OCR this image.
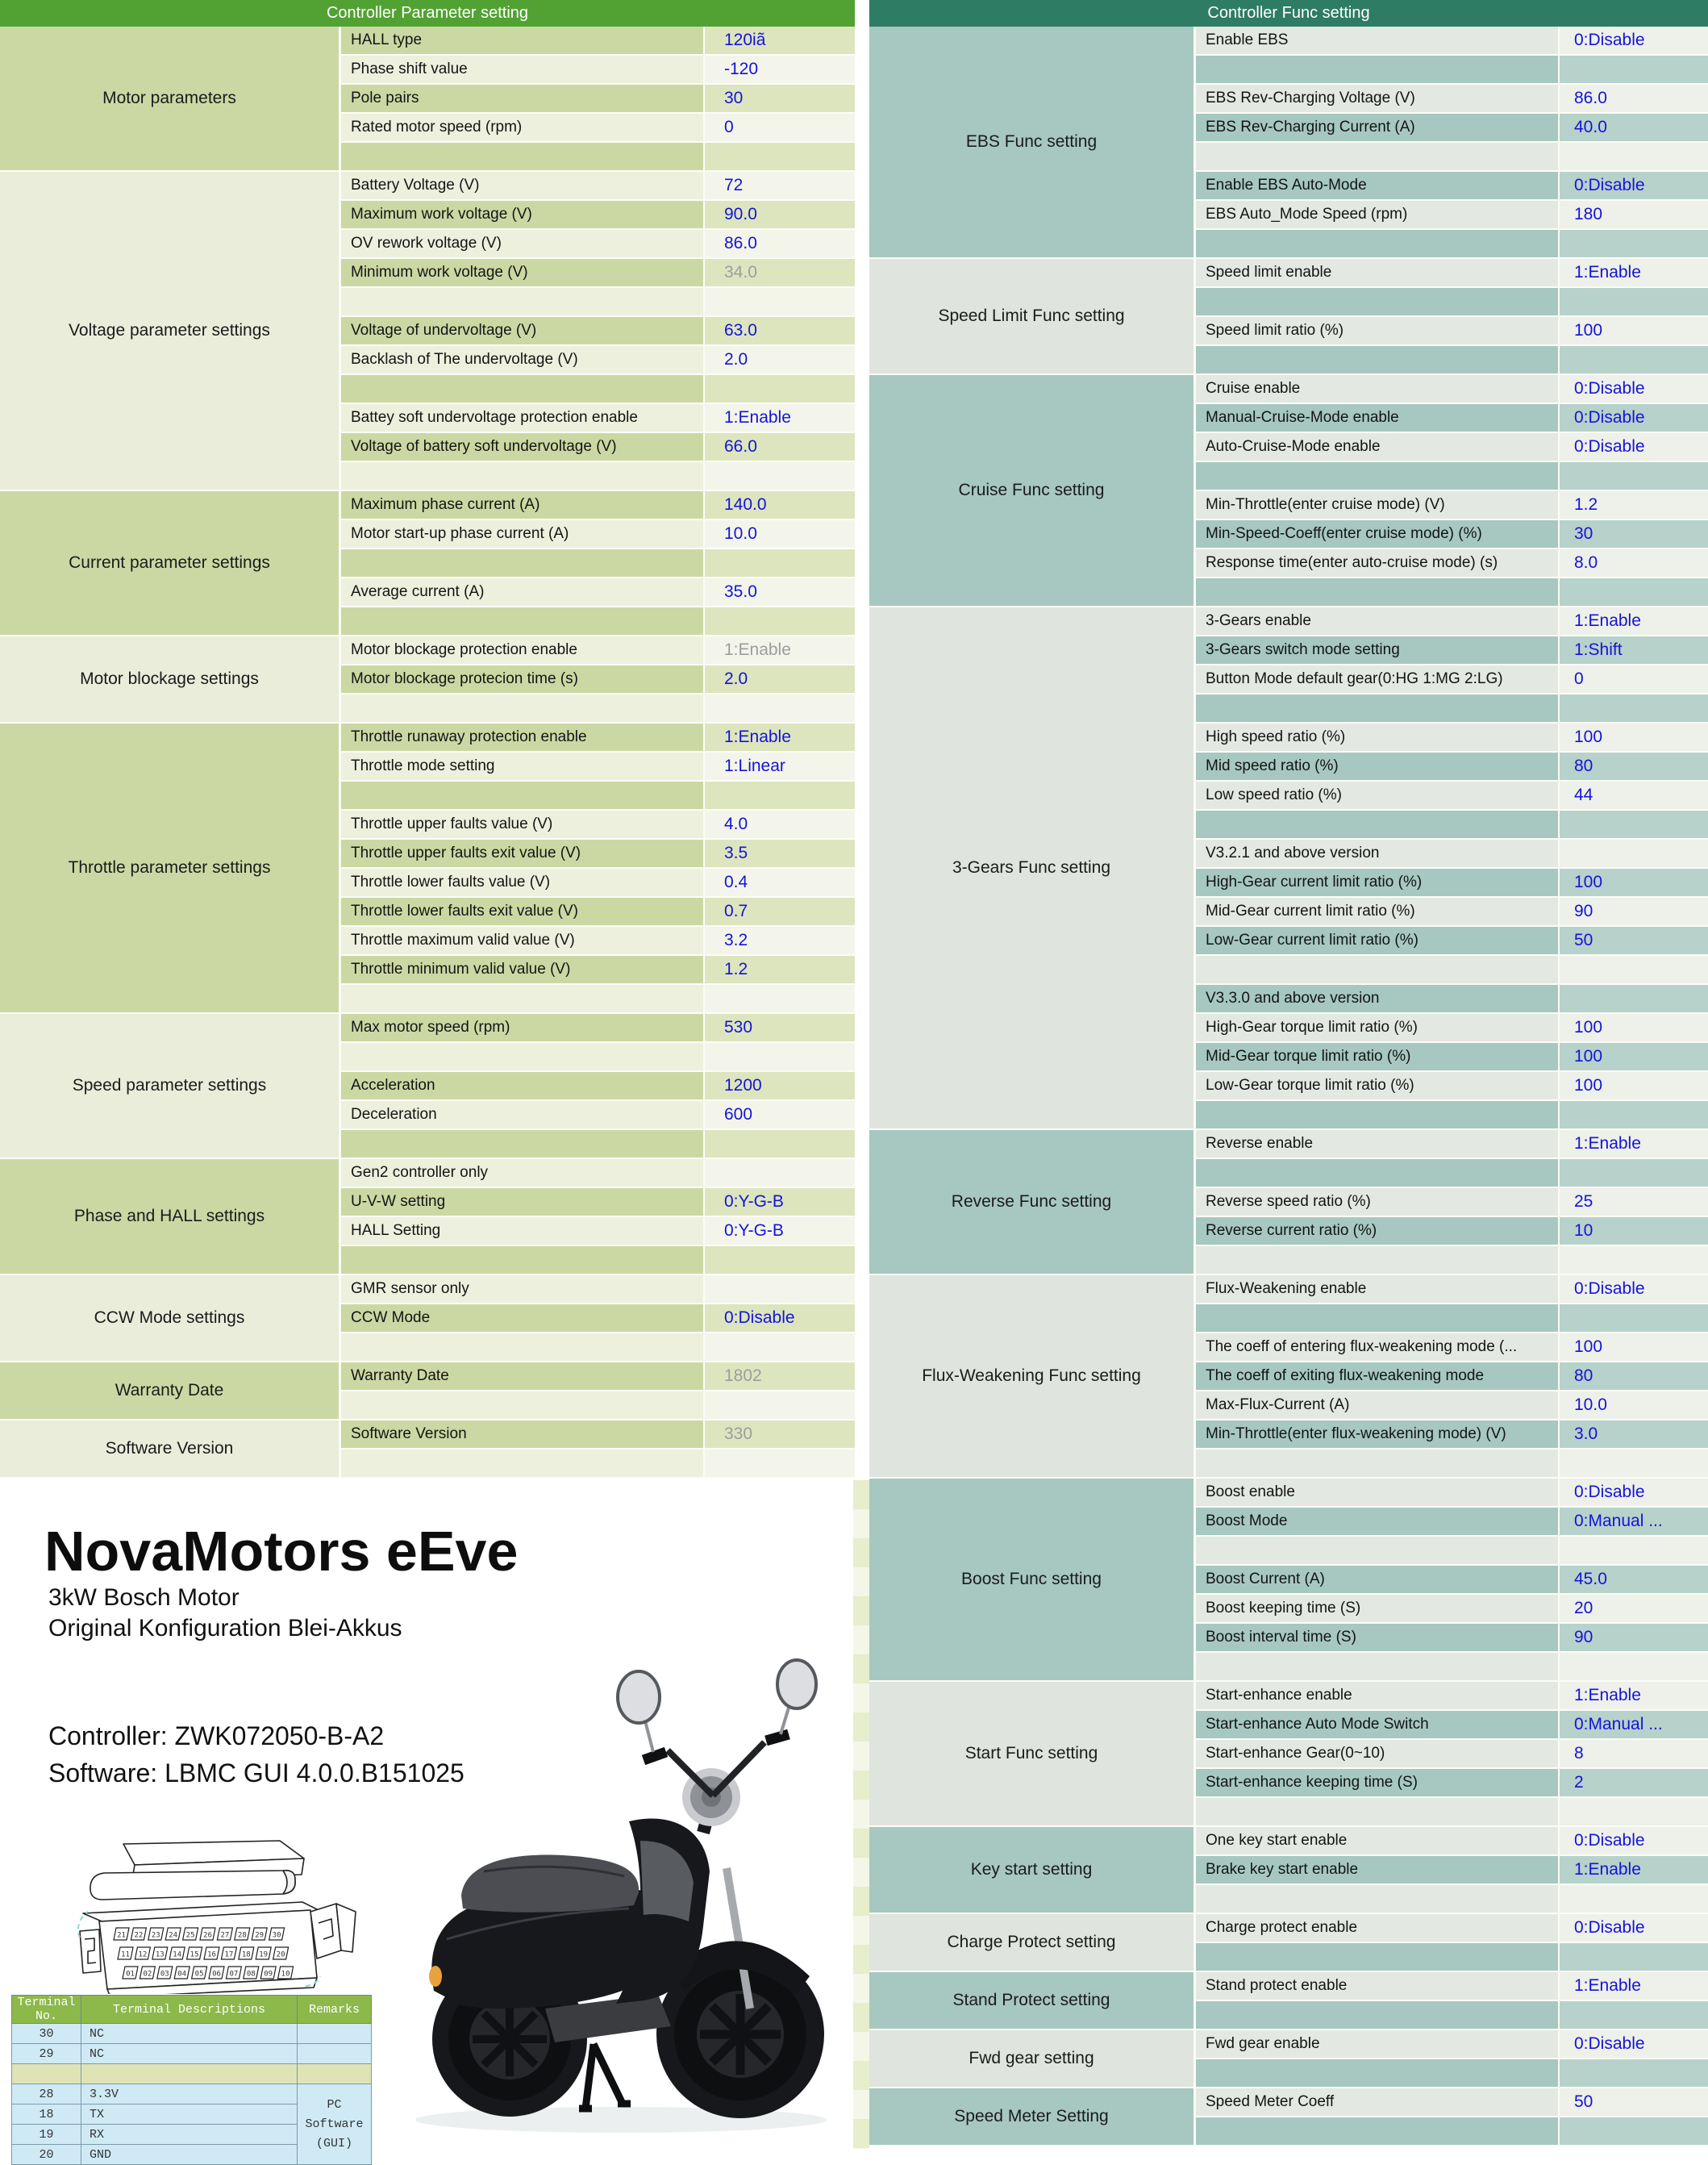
Controller Parameter setting
Motor parameters
HALL type	120iã
Phase shift value	-120
Pole pairs	30
Rated motor speed (rpm)	0
Voltage parameter settings
Battery Voltage (V)	72
Maximum work voltage (V)	90.0
OV rework voltage (V)	86.0
Minimum work voltage (V)	34.0
Voltage of undervoltage (V)	63.0
Backlash of The undervoltage (V)	2.0
Battey soft undervoltage protection enable	1:Enable
Voltage of battery soft undervoltage (V)	66.0
Current parameter settings
Maximum phase current (A)	140.0
Motor start-up phase current (A)	10.0
Average current (A)	35.0
Motor blockage settings
Motor blockage protection enable	1:Enable
Motor blockage protecion time (s)	2.0
Throttle parameter settings
Throttle runaway protection enable	1:Enable
Throttle mode setting	1:Linear
Throttle upper faults value (V)	4.0
Throttle upper faults exit value (V)	3.5
Throttle lower faults value (V)	0.4
Throttle lower faults exit value (V)	0.7
Throttle maximum valid value (V)	3.2
Throttle minimum valid value (V)	1.2
Speed parameter settings
Max motor speed (rpm)	530
Acceleration	1200
Deceleration	600
Phase and HALL settings
Gen2 controller only
U-V-W setting	0:Y-G-B
HALL Setting	0:Y-G-B
CCW Mode settings
GMR sensor only
CCW Mode	0:Disable
Warranty Date
Warranty Date	1802
Software Version
Software Version	330
Controller Func setting
EBS Func setting
Enable EBS	0:Disable
EBS Rev-Charging Voltage (V)	86.0
EBS Rev-Charging Current (A)	40.0
Enable EBS Auto-Mode	0:Disable
EBS Auto_Mode Speed (rpm)	180
Speed Limit Func setting
Speed limit enable	1:Enable
Speed limit ratio (%)	100
Cruise Func setting
Cruise enable	0:Disable
Manual-Cruise-Mode enable	0:Disable
Auto-Cruise-Mode enable	0:Disable
Min-Throttle(enter cruise mode) (V)	1.2
Min-Speed-Coeff(enter cruise mode) (%)	30
Response time(enter auto-cruise mode) (s)	8.0
3-Gears Func setting
3-Gears enable	1:Enable
3-Gears switch mode setting	1:Shift
Button Mode default gear(0:HG 1:MG 2:LG)	0
High speed ratio (%)	100
Mid speed ratio (%)	80
Low speed ratio (%)	44
V3.2.1 and above version
High-Gear current limit ratio (%)	100
Mid-Gear current limit ratio (%)	90
Low-Gear current limit ratio (%)	50
V3.3.0 and above version
High-Gear torque limit ratio (%)	100
Mid-Gear torque limit ratio (%)	100
Low-Gear torque limit ratio (%)	100
Reverse Func setting
Reverse enable	1:Enable
Reverse speed ratio (%)	25
Reverse current ratio (%)	10
Flux-Weakening Func setting
Flux-Weakening enable	0:Disable
The coeff of entering flux-weakening mode (...	100
The coeff of exiting flux-weakening mode	80
Max-Flux-Current (A)	10.0
Min-Throttle(enter flux-weakening mode) (V)	3.0
Boost Func setting
Boost enable	0:Disable
Boost Mode	0:Manual ...
Boost Current (A)	45.0
Boost keeping time (S)	20
Boost interval time (S)	90
Start Func setting
Start-enhance enable	1:Enable
Start-enhance Auto Mode Switch	0:Manual ...
Start-enhance Gear(0~10)	8
Start-enhance keeping time (S)	2
Key start setting
One key start enable	0:Disable
Brake key start enable	1:Enable
Charge Protect setting
Charge protect enable	0:Disable
Stand Protect setting
Stand protect enable	1:Enable
Fwd gear setting
Fwd gear enable	0:Disable
Speed Meter Setting
Speed Meter Coeff	50
NovaMotors eEve
3kW Bosch Motor
Original Konfiguration Blei-Akkus
Controller: ZWK072050-B-A2
Software: LBMC GUI 4.0.0.B151025
21 22 23 24 25 26 27 28 29 30
11 12 13 14 15 16 17 18 19 20
01 02 03 04 05 06 07 08 09 10
Terminal No.	Terminal Descriptions	Remarks
30	NC	
29	NC	

28	3.3V	PC Software
(GUI)
18	TX	
19	RX	
20	GND	
